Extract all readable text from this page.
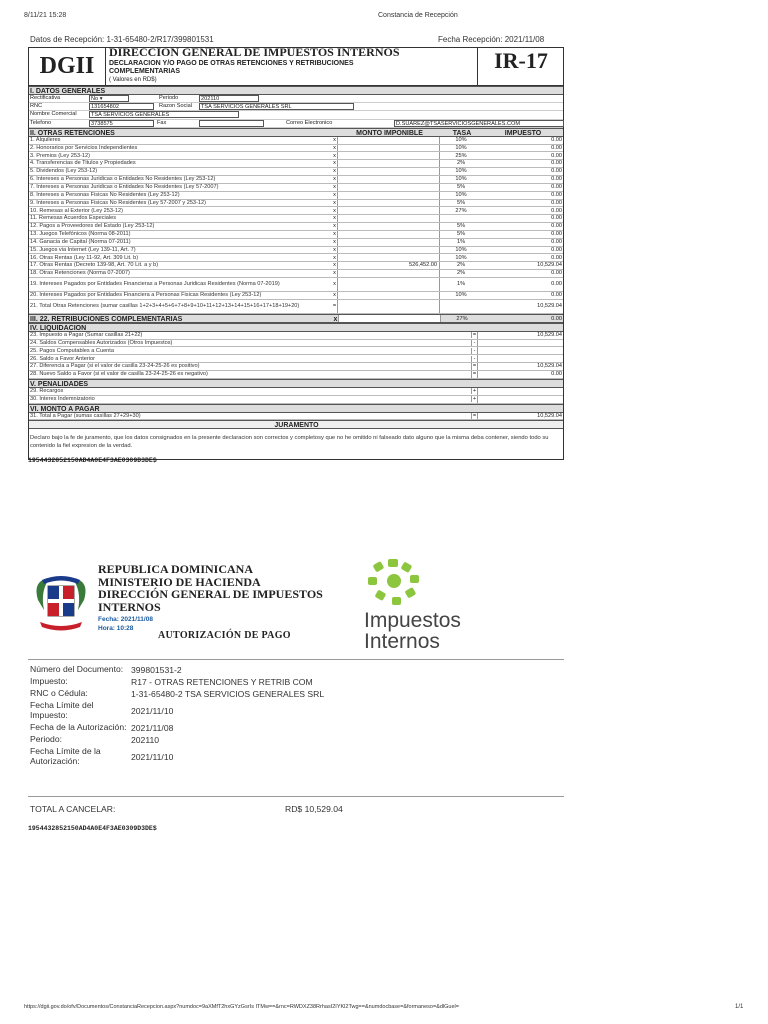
8/11/21 15:28	Constancia de Recepción
Datos de Recepción: 1-31-65480-2/R17/399801531	Fecha Recepción: 2021/11/08
DGII
DIRECCION GENERAL DE IMPUESTOS INTERNOS
DECLARACION Y/O PAGO DE OTRAS RETENCIONES Y RETRIBUCIONES COMPLEMENTARIAS
( Valores en RD$)
IR-17
I. DATOS GENERALES
Rectificativa	No ▾	Periodo	202110
RNC	131654802	Razon Social	TSA SERVICIOS GENERALES SRL
Nombre Comercial	TSA SERVICIOS GENERALES
Telefono	3738575	Fax	Correo Electronico	D.SUAREZ@TSASERVICIOSGENERALES.COM
II. OTRAS RETENCIONES	MONTO IMPONIBLE	TASA	IMPUESTO
1. Alquileres	x	10%	0.00
2. Honorarios por Servicios Independientes	x	10%	0.00
3. Premios (Ley 253-12)	x	25%	0.00
4. Transferencias de Titulos y Propiedades	x	2%	0.00
5. Dividendos (Ley 253-12)	x	10%	0.00
6. Intereses a Personas Juridicas o Entidades No Residentes (Ley 253-12)	x	10%	0.00
7. Intereses a Personas Juridicas o Entidades No Residentes (Ley 57-2007)	x	5%	0.00
8. Intereses a Personas Fisicas No Residentes (Ley 253-12)	x	10%	0.00
9. Intereses a Personas Fisicas No Residentes (Ley 57-2007 y 253-12)	x	5%	0.00
10. Remesas al Exterior (Ley 253-12)	x	27%	0.00
11. Remesas Acuerdos Especiales	x	0.00
12. Pagos a Proveedores del Estado (Ley 253-12)	x	5%	0.00
13. Juegos Telefónicos (Norma 08-2011)	x	5%	0.00
14. Ganacia de Capital (Norma 07-2011)	x	1%	0.00
15. Juegos via Internet (Ley 139-11, Art. 7)	x	10%	0.00
16. Otras Rentas (Ley 11-92, Art. 309 Lit. b)	x	10%	0.00
17. Otras Rentas (Decreto 139-98, Art. 70 Lit. a y b)	x	526,452.00	2%	10,529.04
18. Otras Retenciones (Norma 07-2007)	x	2%	0.00
19. Intereses Pagados por Entidades Financieras a Personas Juridicas Residentes (Norma 07-2019)	x	1%	0.00
20. Intereses Pagados por Entidades Financiera a Personas Fisicas Residentes (Ley 253-12)	x	10%	0.00
21. Total Otras Retenciones (sumar casillas 1+2+3+4+5+6+7+8+9+10+11+12+13+14+15+16+17+18+19+20)	=	10,529.04
III. 22. RETRIBUCIONES COMPLEMENTARIAS	x	27%	0.00
IV. LIQUIDACION
23. Impuesto a Pagar (Sumar casillas 21+22)	=	10,529.04
24. Saldos Compensables Autorizados (Otros Impuestos)	-
25. Pagos Computables a Cuenta	-
26. Saldo a Favor Anterior	-
27. Diferencia a Pagar (si el valor de casilla 23-24-25-26 es positivo)	=	10,529.04
28. Nuevo Saldo a Favor (si el valor de casilla 23-24-25-26 es negativo)	=	0.00
V. PENALIDADES
29. Recargos	+
30. Interes Indemnizatorio	+
VI. MONTO A PAGAR
31. Total a Pagar (sumas casillas 27+29+30)	=	10,529.04
JURAMENTO
Declaro bajo la fe de juramento, que los datos consignados en la presente declaracion son correctos y completosy que no he omitido ni falseado dato alguno que la misma deba contener, siendo todo su contenido la fiel expresion de la verdad.
1954432852150AD4A0E4F3AE0309D3DE$
REPUBLICA DOMINICANA
MINISTERIO DE HACIENDA
DIRECCIÓN GENERAL DE IMPUESTOS
INTERNOS
Fecha: 2021/11/08
Hora: 10:28
AUTORIZACIÓN DE PAGO
Impuestos
Internos
Número del Documento:	399801531-2
Impuesto:	R17 - OTRAS RETENCIONES Y RETRIB COM
RNC o Cédula:	1-31-65480-2 TSA SERVICIOS GENERALES SRL
Fecha Límite del Impuesto:	2021/11/10
Fecha de la Autorización:	2021/11/08
Periodo:	202110
Fecha Límite de la Autorización:	2021/11/10
TOTAL A CANCELAR:	RD$ 10,529.04
1954432852150AD4A0E4F3AE0309D3DE$
https://dgii.gov.do/ofv/Documentos/ConstanciaRecepcion.aspx?numdoc=9aXMfT2hxGYzGsrIs ITMw==&rnc=RWDXZ38RrhasI2IYKl2Twg==&numdocbase=&formaneso=&dlGuel=	1/1
